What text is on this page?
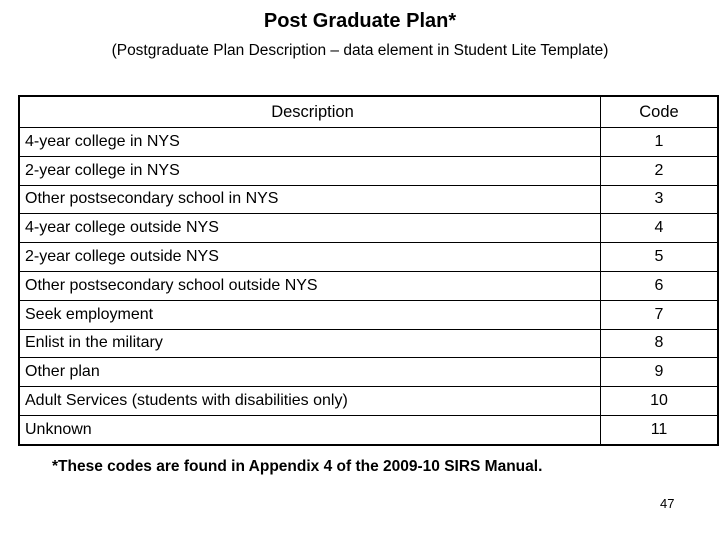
Post Graduate Plan*
(Postgraduate Plan Description – data element in Student Lite Template)
Description	Code
4-year college in NYS	1
2-year college in NYS	2
Other postsecondary school in NYS	3
4-year college outside NYS	4
2-year college outside NYS	5
Other postsecondary school outside NYS	6
Seek employment	7
Enlist in the military	8
Other plan	9
Adult Services (students with disabilities only)	10
Unknown	11
*These codes are found in Appendix 4 of the 2009-10 SIRS Manual.
47
